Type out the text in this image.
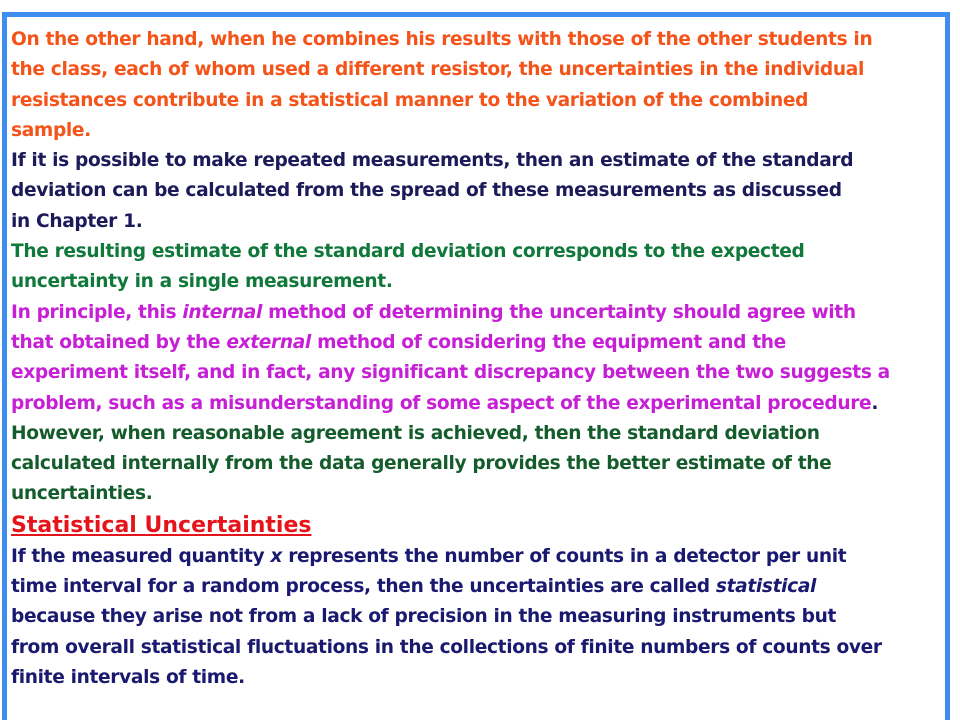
On the other hand, when he combines his results with those of the other students in
the class, each of whom used a different resistor, the uncertainties in the individual
resistances contribute in a statistical manner to the variation of the combined
sample.
If it is possible to make repeated measurements, then an estimate of the standard
deviation can be calculated from the spread of these measurements as discussed
in Chapter 1.
The resulting estimate of the standard deviation corresponds to the expected
uncertainty in a single measurement.
In principle, this internal method of determining the uncertainty should agree with
that obtained by the external method of considering the equipment and the
experiment itself, and in fact, any significant discrepancy between the two suggests a
problem, such as a misunderstanding of some aspect of the experimental procedure.
However, when reasonable agreement is achieved, then the standard deviation
calculated internally from the data generally provides the better estimate of the
uncertainties.
Statistical Uncertainties
If the measured quantity x represents the number of counts in a detector per unit
time interval for a random process, then the uncertainties are called statistical
because they arise not from a lack of precision in the measuring instruments but
from overall statistical fluctuations in the collections of finite numbers of counts over
finite intervals of time.
